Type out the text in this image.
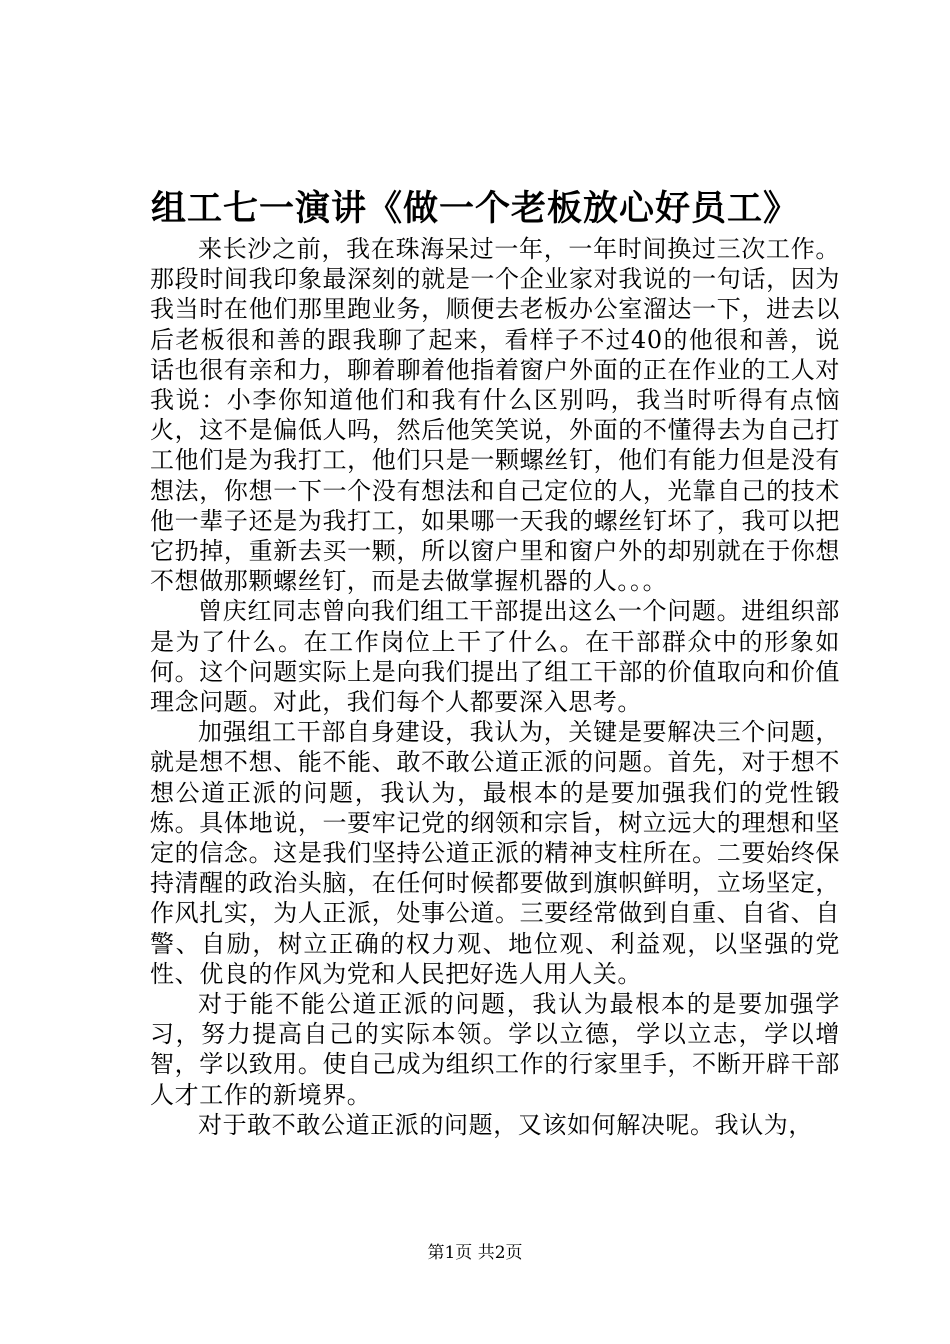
组工七一演讲《做一个老板放心好员工》

来长沙之前，我在珠海呆过一年，一年时间换过三次工作。那段时间我印象最深刻的就是一个企业家对我说的一句话，因为我当时在他们那里跑业务，顺便去老板办公室溜达一下，进去以后老板很和善的跟我聊了起来，看样子不过40的他很和善，说话也很有亲和力，聊着聊着他指着窗户外面的正在作业的工人对我说：小李你知道他们和我有什么区别吗，我当时听得有点恼火，这不是偏低人吗，然后他笑笑说，外面的不懂得去为自己打工他们是为我打工，他们只是一颗螺丝钉，他们有能力但是没有想法，你想一下一个没有想法和自己定位的人，光靠自己的技术他一辈子还是为我打工，如果哪一天我的螺丝钉坏了，我可以把它扔掉，重新去买一颗，所以窗户里和窗户外的却别就在于你想不想做那颗螺丝钉，而是去做掌握机器的人。。。

曾庆红同志曾向我们组工干部提出这么一个问题。进组织部是为了什么。在工作岗位上干了什么。在干部群众中的形象如何。这个问题实际上是向我们提出了组工干部的价值取向和价值理念问题。对此，我们每个人都要深入思考。

加强组工干部自身建设，我认为，关键是要解决三个问题，就是想不想、能不能、敢不敢公道正派的问题。首先，对于想不想公道正派的问题，我认为，最根本的是要加强我们的党性锻炼。具体地说，一要牢记党的纲领和宗旨，树立远大的理想和坚定的信念。这是我们坚持公道正派的精神支柱所在。二要始终保持清醒的政治头脑，在任何时候都要做到旗帜鲜明，立场坚定，作风扎实，为人正派，处事公道。三要经常做到自重、自省、自警、自励，树立正确的权力观、地位观、利益观，以坚强的党性、优良的作风为党和人民把好选人用人关。

对于能不能公道正派的问题，我认为最根本的是要加强学习，努力提高自己的实际本领。学以立德，学以立志，学以增智，学以致用。使自己成为组织工作的行家里手，不断开辟干部人才工作的新境界。

对于敢不敢公道正派的问题，又该如何解决呢。我认为，

第1页 共2页
